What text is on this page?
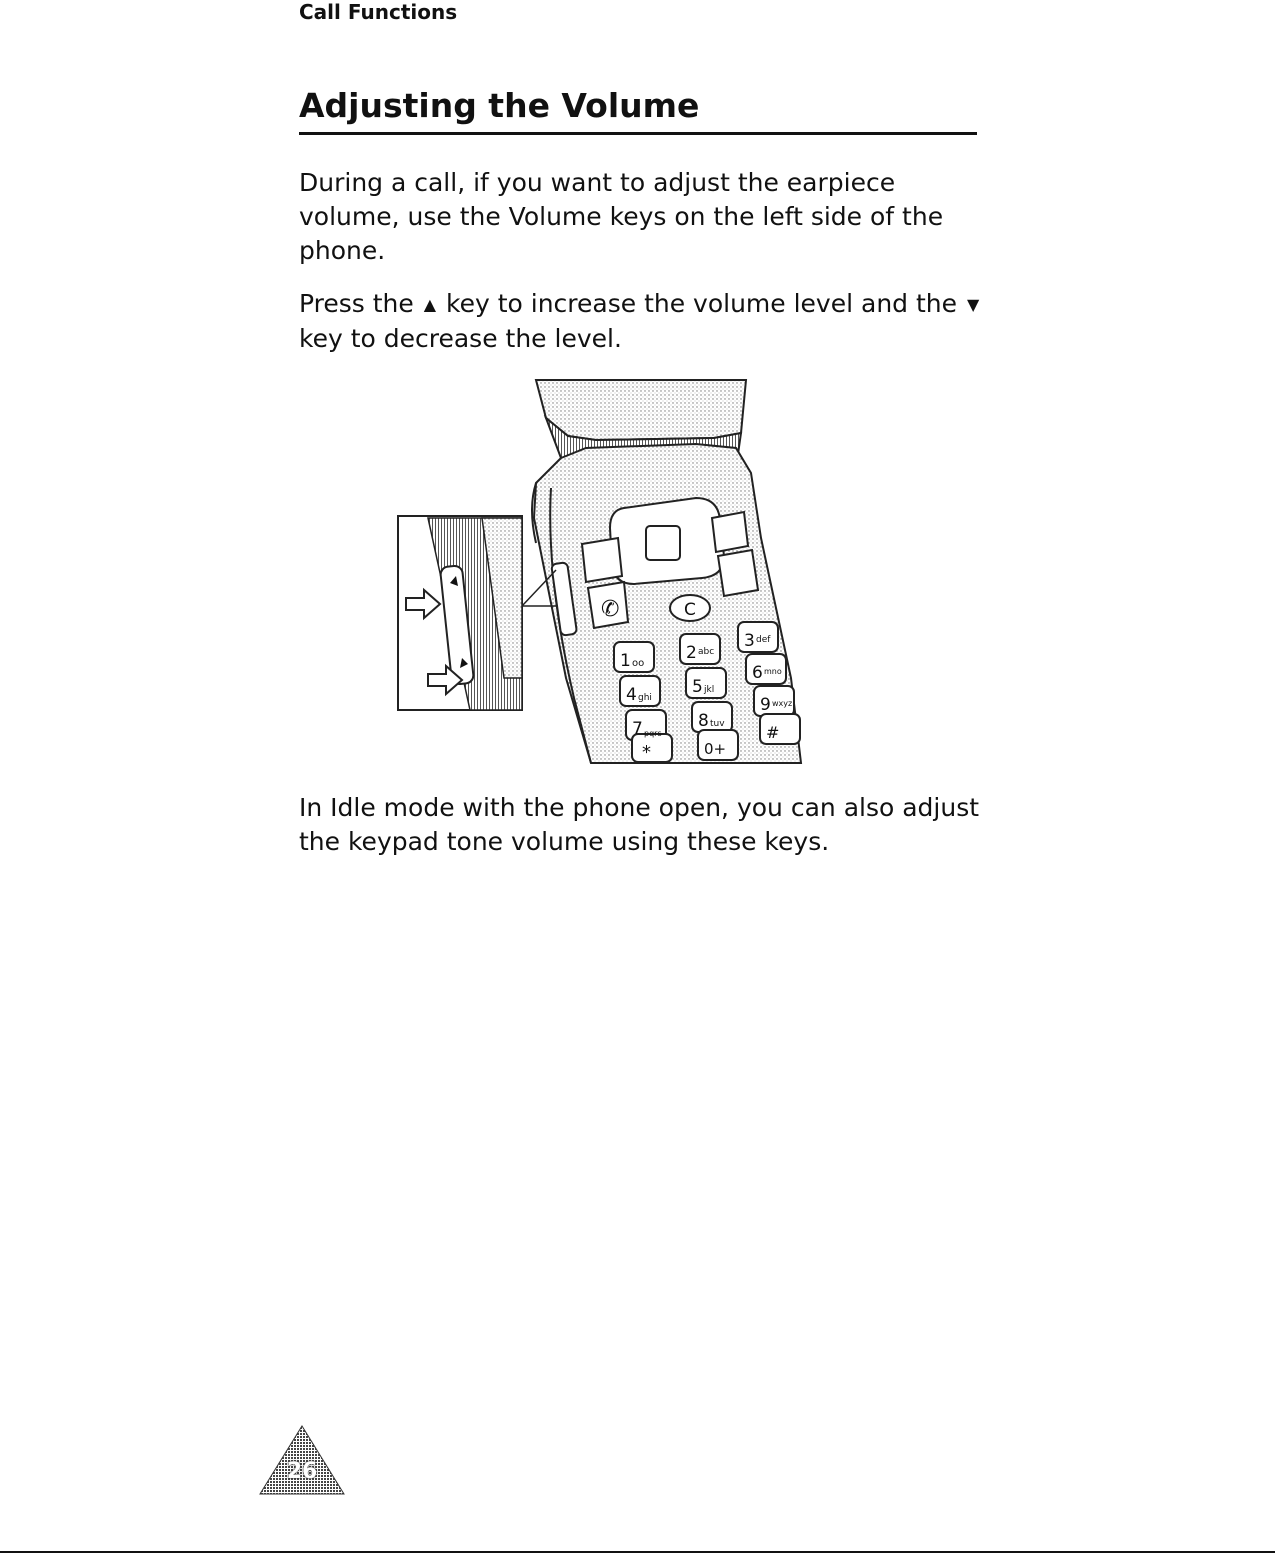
Call Functions
Adjusting the Volume

During a call, if you want to adjust the earpiece volume, use the Volume keys on the left side of the phone.

Press the ▲ key to increase the volume level and the ▼ key to decrease the level.

✆	C
1 oo
4 ghi
7 pqrs
*
2 abc
5 jkl
8 tuv
0+
3 def
6 mno
9 wxyz
#

In Idle mode with the phone open, you can also adjust the keypad tone volume using these keys.

26
